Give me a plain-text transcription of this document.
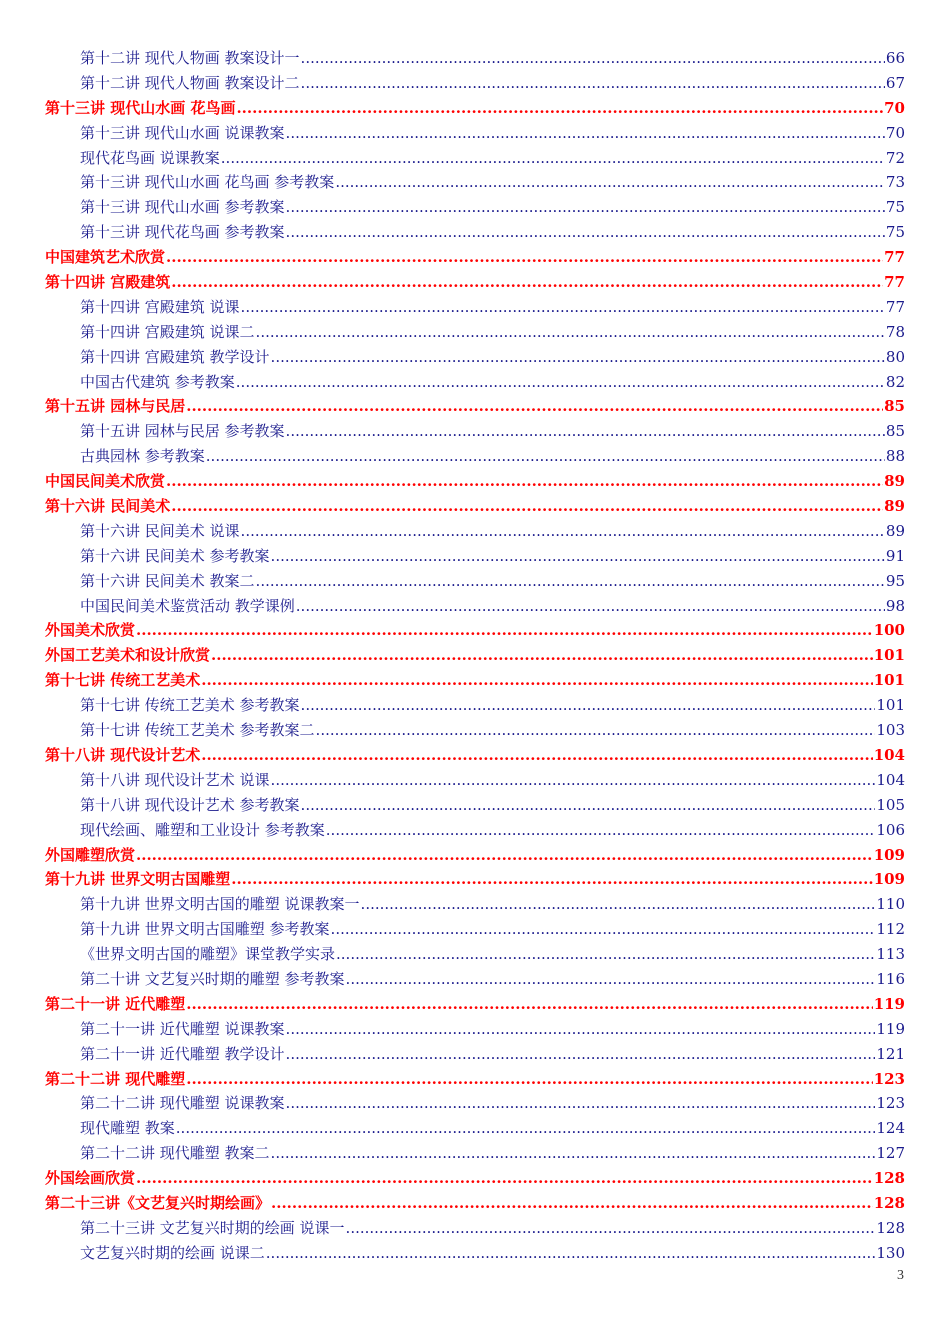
第十二讲 现代人物画 教案设计一 .....	66
第十二讲 现代人物画 教案设计二 .....	67
第十三讲 现代山水画 花鸟画 .....	70
第十三讲 现代山水画 说课教案 .....	70
现代花鸟画 说课教案 .....	72
第十三讲 现代山水画 花鸟画 参考教案 .....	73
第十三讲 现代山水画 参考教案 .....	75
第十三讲 现代花鸟画 参考教案 .....	75
中国建筑艺术欣赏 .....	77
第十四讲 宫殿建筑 .....	77
第十四讲 宫殿建筑 说课 .....	77
第十四讲 宫殿建筑 说课二 .....	78
第十四讲 宫殿建筑 教学设计 .....	80
中国古代建筑 参考教案 .....	82
第十五讲 园林与民居 .....	85
第十五讲 园林与民居 参考教案 .....	85
古典园林 参考教案 .....	88
中国民间美术欣赏 .....	89
第十六讲 民间美术 .....	89
第十六讲 民间美术 说课 .....	89
第十六讲 民间美术 参考教案 .....	91
第十六讲 民间美术 教案二 .....	95
中国民间美术鉴赏活动 教学课例 .....	98
外国美术欣赏 .....	100
外国工艺美术和设计欣赏 .....	101
第十七讲 传统工艺美术 .....	101
第十七讲 传统工艺美术 参考教案 .....	101
第十七讲 传统工艺美术 参考教案二 .....	103
第十八讲 现代设计艺术 .....	104
第十八讲 现代设计艺术 说课 .....	104
第十八讲 现代设计艺术 参考教案 .....	105
现代绘画、雕塑和工业设计 参考教案 .....	106
外国雕塑欣赏 .....	109
第十九讲 世界文明古国雕塑 .....	109
第十九讲 世界文明古国的雕塑 说课教案一 .....	110
第十九讲 世界文明古国雕塑 参考教案 .....	112
《世界文明古国的雕塑》课堂教学实录 .....	113
第二十讲 文艺复兴时期的雕塑 参考教案 .....	116
第二十一讲 近代雕塑 .....	119
第二十一讲 近代雕塑 说课教案 .....	119
第二十一讲 近代雕塑 教学设计 .....	121
第二十二讲 现代雕塑 .....	123
第二十二讲 现代雕塑 说课教案 .....	123
现代雕塑 教案 .....	124
第二十二讲 现代雕塑 教案二 .....	127
外国绘画欣赏 .....	128
第二十三讲《文艺复兴时期绘画》 .....	128
第二十三讲 文艺复兴时期的绘画 说课一 .....	128
文艺复兴时期的绘画 说课二 .....	130
3
